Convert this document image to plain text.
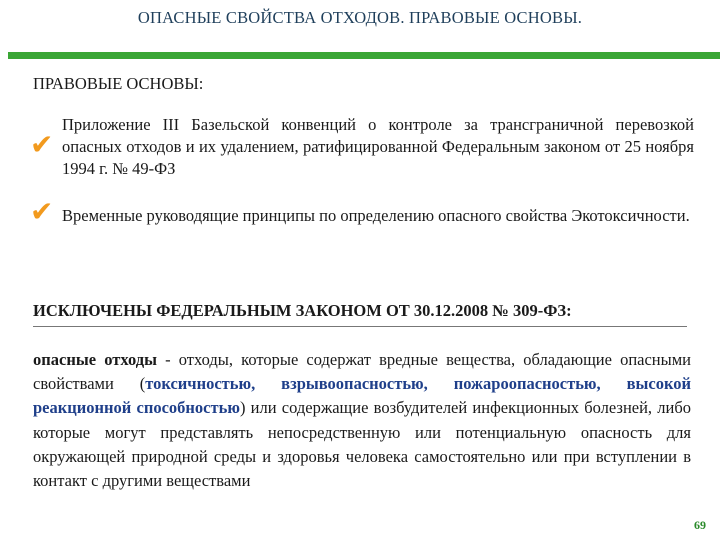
ОПАСНЫЕ СВОЙСТВА ОТХОДОВ. ПРАВОВЫЕ ОСНОВЫ.
ПРАВОВЫЕ ОСНОВЫ:
✔
Приложение III Базельской конвенций о контроле за трансграничной перевозкой опасных отходов и их удалением, ратифицированной Федеральным законом от 25 ноября 1994 г. № 49-ФЗ
✔ Временные руководящие принципы по определению опасного свойства Экотоксичности.
ИСКЛЮЧЕНЫ ФЕДЕРАЛЬНЫМ ЗАКОНОМ ОТ 30.12.2008 № 309-ФЗ:
опасные отходы - отходы, которые содержат вредные вещества, обладающие опасными свойствами (токсичностью, взрывоопасностью, пожароопасностью, высокой реакционной способностью) или содержащие возбудителей инфекционных болезней, либо которые могут представлять непосредственную или потенциальную опасность для окружающей природной среды и здоровья человека самостоятельно или при вступлении в контакт с другими веществами
69
